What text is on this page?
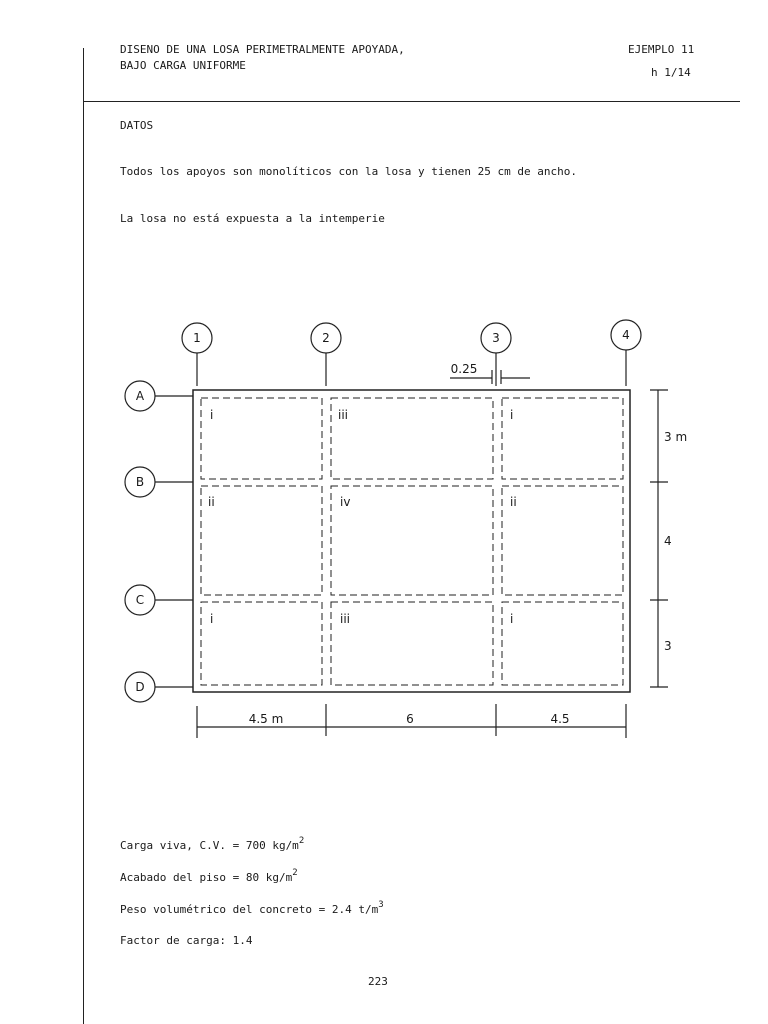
DISENO DE UNA LOSA PERIMETRALMENTE APOYADA,
BAJO CARGA UNIFORME
EJEMPLO 11
h 1/14
DATOS
Todos los apoyos son monolíticos con la losa y tienen 25 cm de ancho.
La losa no está expuesta a la intemperie
1	2	3	4
A
B
C
D
0.25
i	iii	i
ii	iv	ii
i	iii	i
4.5 m	6	4.5
3 m
4
3
Carga viva, C.V. = 700 $kg/m^2$
Acabado del piso = 80 $kg/m^2$
Peso volumétrico del concreto = 2.4 $t/m^3$
Factor de carga: 1.4
223
